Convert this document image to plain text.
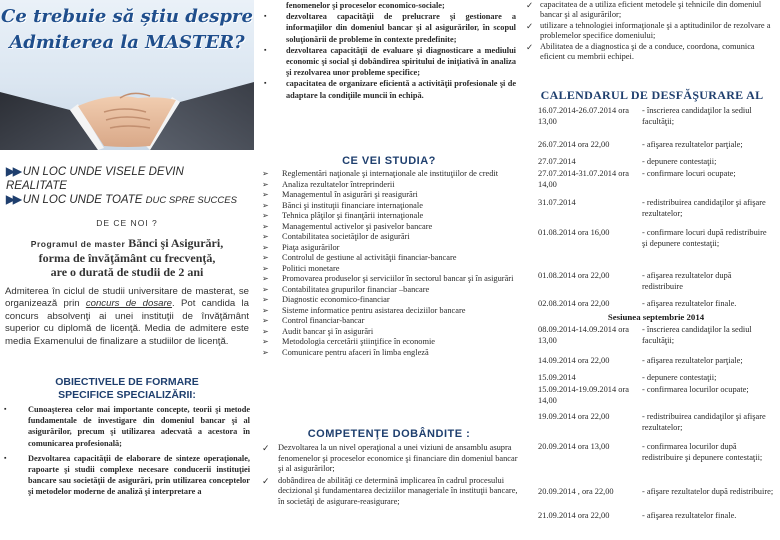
Ce trebuie să știu despre
Admiterea la MASTER?
▶▶ UN LOC UNDE VISELE DEVIN
REALITATE
▶▶ UN LOC UNDE TOATE DUC SPRE SUCCES
DE CE NOI ?
Programul de master Bănci şi Asigurări,
forma de învăţământ cu frecvenţă,
are o durată de studii de 2 ani
Admiterea în ciclul de studii universitare de masterat, se organizează prin concurs de dosare. Pot candida la concurs absolvenţi ai unei instituţii de învăţământ superior cu diplomă de licenţă. Media de admitere este media Examenului de finalizare a studiilor de licenţă.
OBIECTIVELE DE FORMARE
SPECIFICE SPECIALIZĂRII:
▪	Cunoaşterea celor mai importante concepte, teorii şi metode fundamentale de investigare din domeniul bancar şi al asigurărilor, precum şi utilizarea adecvată a acestora în comunicarea profesională;
▪	Dezvoltarea capacităţii de elaborare de sinteze operaţionale, rapoarte şi studii complexe necesare conducerii instituţiei bancare sau societăţii de asigurări, prin utilizarea conceptelor şi metodelor moderne de analiză şi interpretare a
fenomenelor şi proceselor economico-sociale;
▪ dezvoltarea capacităţii de prelucrare şi gestionare a informaţiilor din domeniul bancar şi al asigurărilor, în scopul soluţionării de probleme în contexte predefinite;
▪ dezvoltarea capacităţii de evaluare şi diagnosticare a mediului economic şi social şi dobândirea spiritului de iniţiativă în analiza şi rezolvarea unor probleme specifice;
▪ capacitatea de organizare eficientă a activităţii profesionale şi de adaptare la condiţiile muncii în echipă.
CE VEI STUDIA?
➢ Reglementări naţionale şi internaţionale ale instituţiilor de credit
➢ Analiza rezultatelor întreprinderii
➢ Managementul în asigurări şi reasigurări
➢ Bănci şi instituţii financiare internaţionale
➢ Tehnica plăţilor şi finanţării internaţionale
➢ Managementul activelor şi pasivelor bancare
➢ Contabilitatea societăţilor de asigurări
➢ Piaţa asigurărilor
➢ Controlul de gestiune al activităţii financiar-bancare
➢ Politici monetare
➢ Promovarea produselor şi serviciilor în sectorul bancar şi în asigurări
➢ Contabilitatea grupurilor financiar –bancare
➢ Diagnostic economico-financiar
➢ Sisteme informatice pentru asistarea deciziilor bancare
➢ Control financiar-bancar
➢ Audit bancar şi în asigurări
➢ Metodologia cercetării ştiinţifice în economie
➢ Comunicare pentru afaceri în limba engleză
COMPETENŢE DOBÂNDITE :
✓ Dezvoltarea la un nivel operaţional a unei viziuni de ansamblu asupra fenomenelor şi proceselor economice şi financiare din domeniul bancar şi al asigurărilor;
✓ dobândirea de abilităţi ce determină implicarea în cadrul procesului decizional şi fundamentarea deciziilor manageriale în instituţii bancare, în societăţi de asigurare-reasigurare;
✓ capacitatea de a utiliza eficient metodele şi tehnicile din domeniul bancar şi al asigurărilor;
✓ utilizare a tehnologiei informaţionale şi a aptitudinilor de rezolvare a problemelor specifice domeniului;
✓ Abilitatea de a diagnostica şi de a conduce, coordona, comunica eficient cu membrii echipei.
CALENDARUL DE DESFĂŞURARE AL
16.07.2014-26.07.2014 ora 13,00
- înscrierea candidaţilor la sediul facultăţii;
26.07.2014 ora 22,00	- afişarea rezultatelor parţiale;
27.07.2014	- depunere contestaţii;
27.07.2014-31.07.2014 ora 14,00
- confirmare locuri ocupate;
31.07.2014	- redistribuirea candidaţilor şi afişare rezultatelor;
01.08.2014 ora 16,00	- confirmare locuri după redistribuire şi depunere contestaţii;
01.08.2014 ora 22,00	- afişarea rezultatelor după redistribuire
02.08.2014 ora 22,00	- afişarea rezultatelor finale.
08.09.2014-14.09.2014 ora 13,00
- înscrierea candidaţilor la sediul facultăţii;
14.09.2014 ora 22,00	- afişarea rezultatelor parţiale;
15.09.2014	- depunere contestaţii;
15.09.2014-19.09.2014 ora 14,00
- confirmarea locurilor ocupate;
19.09.2014 ora 22,00	- redistribuirea candidaţilor şi afişare rezultatelor;
20.09.2014 ora 13,00	- confirmarea locurilor după redistribuire şi depunere contestaţii;
20.09.2014 , ora 22,00	- afişare rezultatelor după redistribuire;
21.09.2014 ora 22,00	- afişarea rezultatelor finale.
Sesiunea septembrie 2014
